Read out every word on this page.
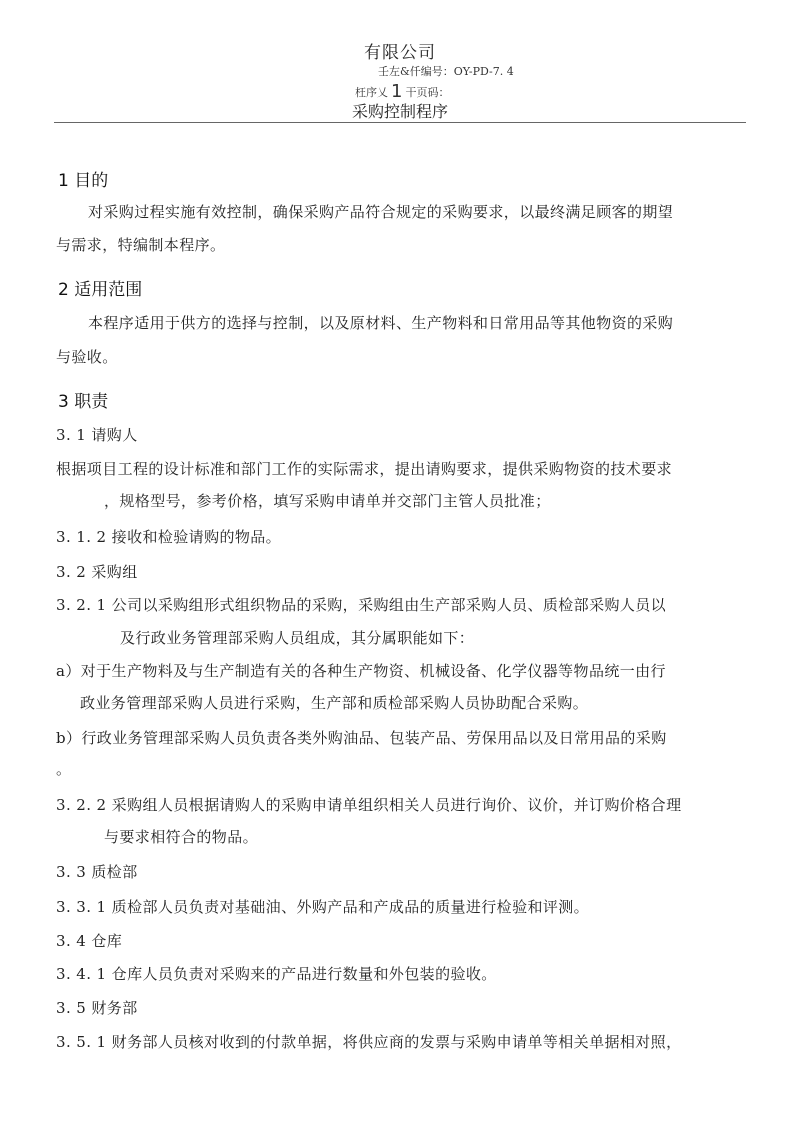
有限公司
壬左&仟编号：OY-PD-7. 4
枉序乂 1 干页码：
采购控制程序
1 目的
对采购过程实施有效控制，确保采购产品符合规定的采购要求，以最终满足顾客的期望
与需求，特编制本程序。
2 适用范围
本程序适用于供方的选择与控制，以及原材料、生产物料和日常用品等其他物资的采购
与验收。
3 职责
3. 1 请购人
根据项目工程的设计标准和部门工作的实际需求，提出请购要求，提供采购物资的技术要求
，规格型号，参考价格，填写采购申请单并交部门主管人员批准；
3. 1. 2 接收和检验请购的物品。
3. 2 采购组
3. 2. 1 公司以采购组形式组织物品的采购，采购组由生产部采购人员、质检部采购人员以
及行政业务管理部采购人员组成，其分属职能如下：
a）对于生产物料及与生产制造有关的各种生产物资、机械设备、化学仪器等物品统一由行
政业务管理部采购人员进行采购，生产部和质检部采购人员协助配合采购。
b）行政业务管理部采购人员负责各类外购油品、包装产品、劳保用品以及日常用品的采购
。
3. 2. 2 采购组人员根据请购人的采购申请单组织相关人员进行询价、议价，并订购价格合理
与要求相符合的物品。
3. 3 质检部
3. 3. 1 质检部人员负责对基础油、外购产品和产成品的质量进行检验和评测。
3. 4 仓库
3. 4. 1 仓库人员负责对采购来的产品进行数量和外包装的验收。
3. 5 财务部
3. 5. 1 财务部人员核对收到的付款单据，将供应商的发票与采购申请单等相关单据相对照，
